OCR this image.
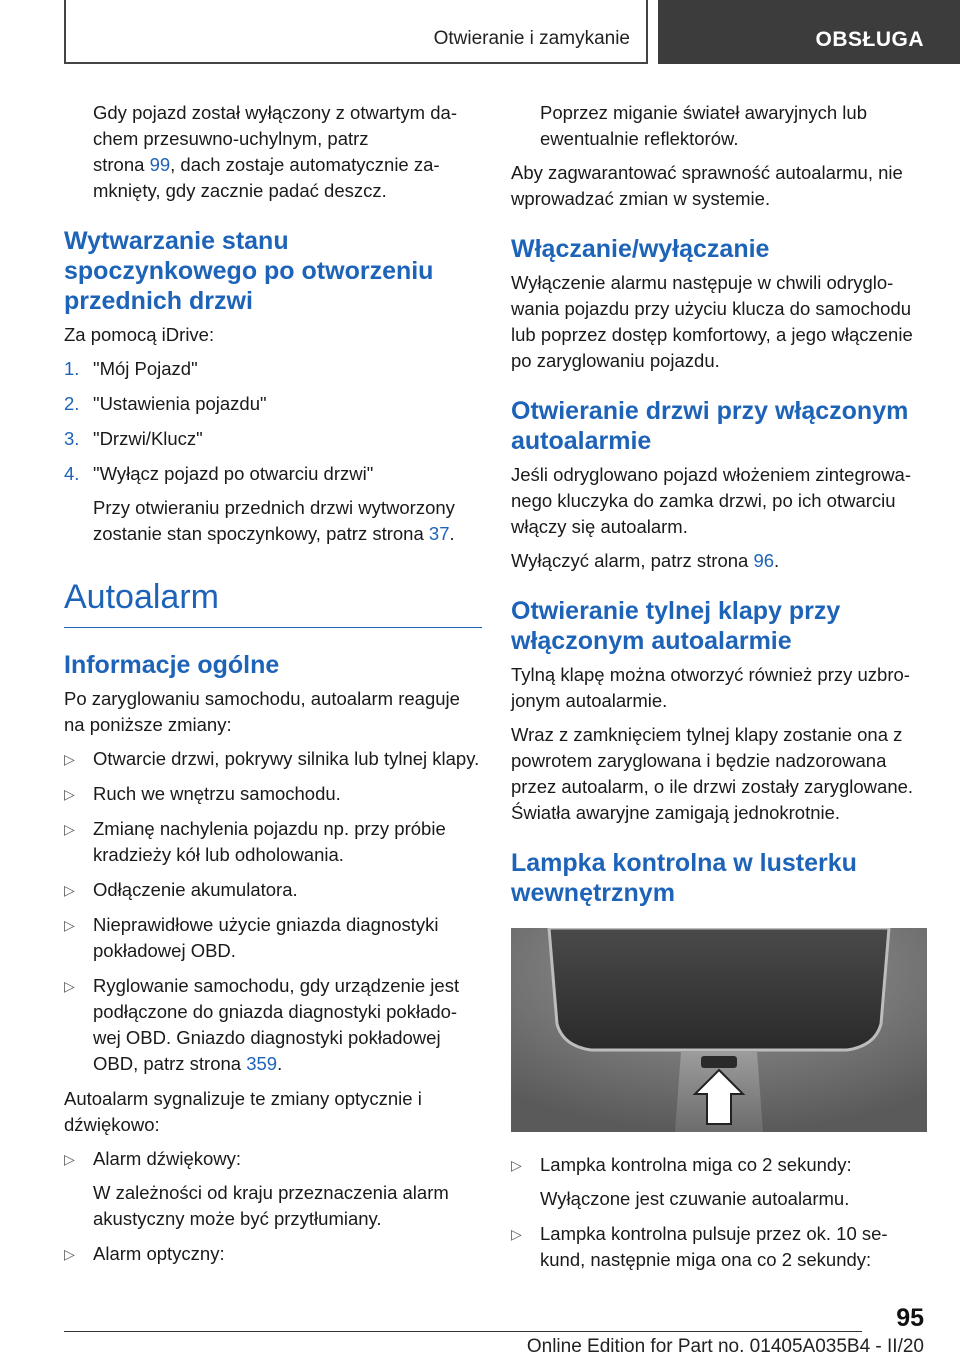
Otwieranie i zamykanie	OBSŁUGA

Gdy pojazd został wyłączony z otwartym da‐chem przesuwno-uchylnym, patrz
strona 99, dach zostaje automatycznie za‐mknięty, gdy zacznie padać deszcz.

Wytwarzanie stanu spoczynkowego po otworzeniu przednich drzwi

Za pomocą iDrive:

1. "Mój Pojazd"
2. "Ustawienia pojazdu"
3. "Drzwi/Klucz"
4. "Wyłącz pojazd po otwarciu drzwi"
Przy otwieraniu przednich drzwi wytworzony zostanie stan spoczynkowy, patrz strona 37.
Autoalarm
Informacje ogólne

Po zaryglowaniu samochodu, autoalarm reaguje na poniższe zmiany:

▷ Otwarcie drzwi, pokrywy silnika lub tylnej klapy.
▷ Ruch we wnętrzu samochodu.
▷ Zmianę nachylenia pojazdu np. przy próbie kradzieży kół lub odholowania.
▷ Odłączenie akumulatora.
▷ Nieprawidłowe użycie gniazda diagnostyki pokładowej OBD.
▷ Ryglowanie samochodu, gdy urządzenie jest podłączone do gniazda diagnostyki pokłado‐wej OBD. Gniazdo diagnostyki pokładowej OBD, patrz strona 359.

Autoalarm sygnalizuje te zmiany optycznie i dźwiękowo:

▷ Alarm dźwiękowy:
W zależności od kraju przeznaczenia alarm akustyczny może być przytłumiany.
▷ Alarm optyczny:

Poprzez miganie świateł awaryjnych lub ewentualnie reflektorów.

Aby zagwarantować sprawność autoalarmu, nie wprowadzać zmian w systemie.

Włączanie/wyłączanie

Wyłączenie alarmu następuje w chwili odryglo‐wania pojazdu przy użyciu klucza do samochodu lub poprzez dostęp komfortowy, a jego włączenie po zaryglowaniu pojazdu.

Otwieranie drzwi przy włączonym autoalarmie

Jeśli odryglowano pojazd włożeniem zintegrowa‐nego kluczyka do zamka drzwi, po ich otwarciu włączy się autoalarm.

Wyłączyć alarm, patrz strona 96.

Otwieranie tylnej klapy przy włączonym autoalarmie

Tylną klapę można otworzyć również przy uzbro‐jonym autoalarmie.

Wraz z zamknięciem tylnej klapy zostanie ona z powrotem zaryglowana i będzie nadzorowana przez autoalarm, o ile drzwi zostały zaryglowane. Światła awaryjne zamigają jednokrotnie.

Lampka kontrolna w lusterku wewnętrznym
▷ Lampka kontrolna miga co 2 sekundy:
Wyłączone jest czuwanie autoalarmu.
▷ Lampka kontrolna pulsuje przez ok. 10 se‐kund, następnie miga ona co 2 sekundy:
95
Online Edition for Part no. 01405A035B4 - II/20
